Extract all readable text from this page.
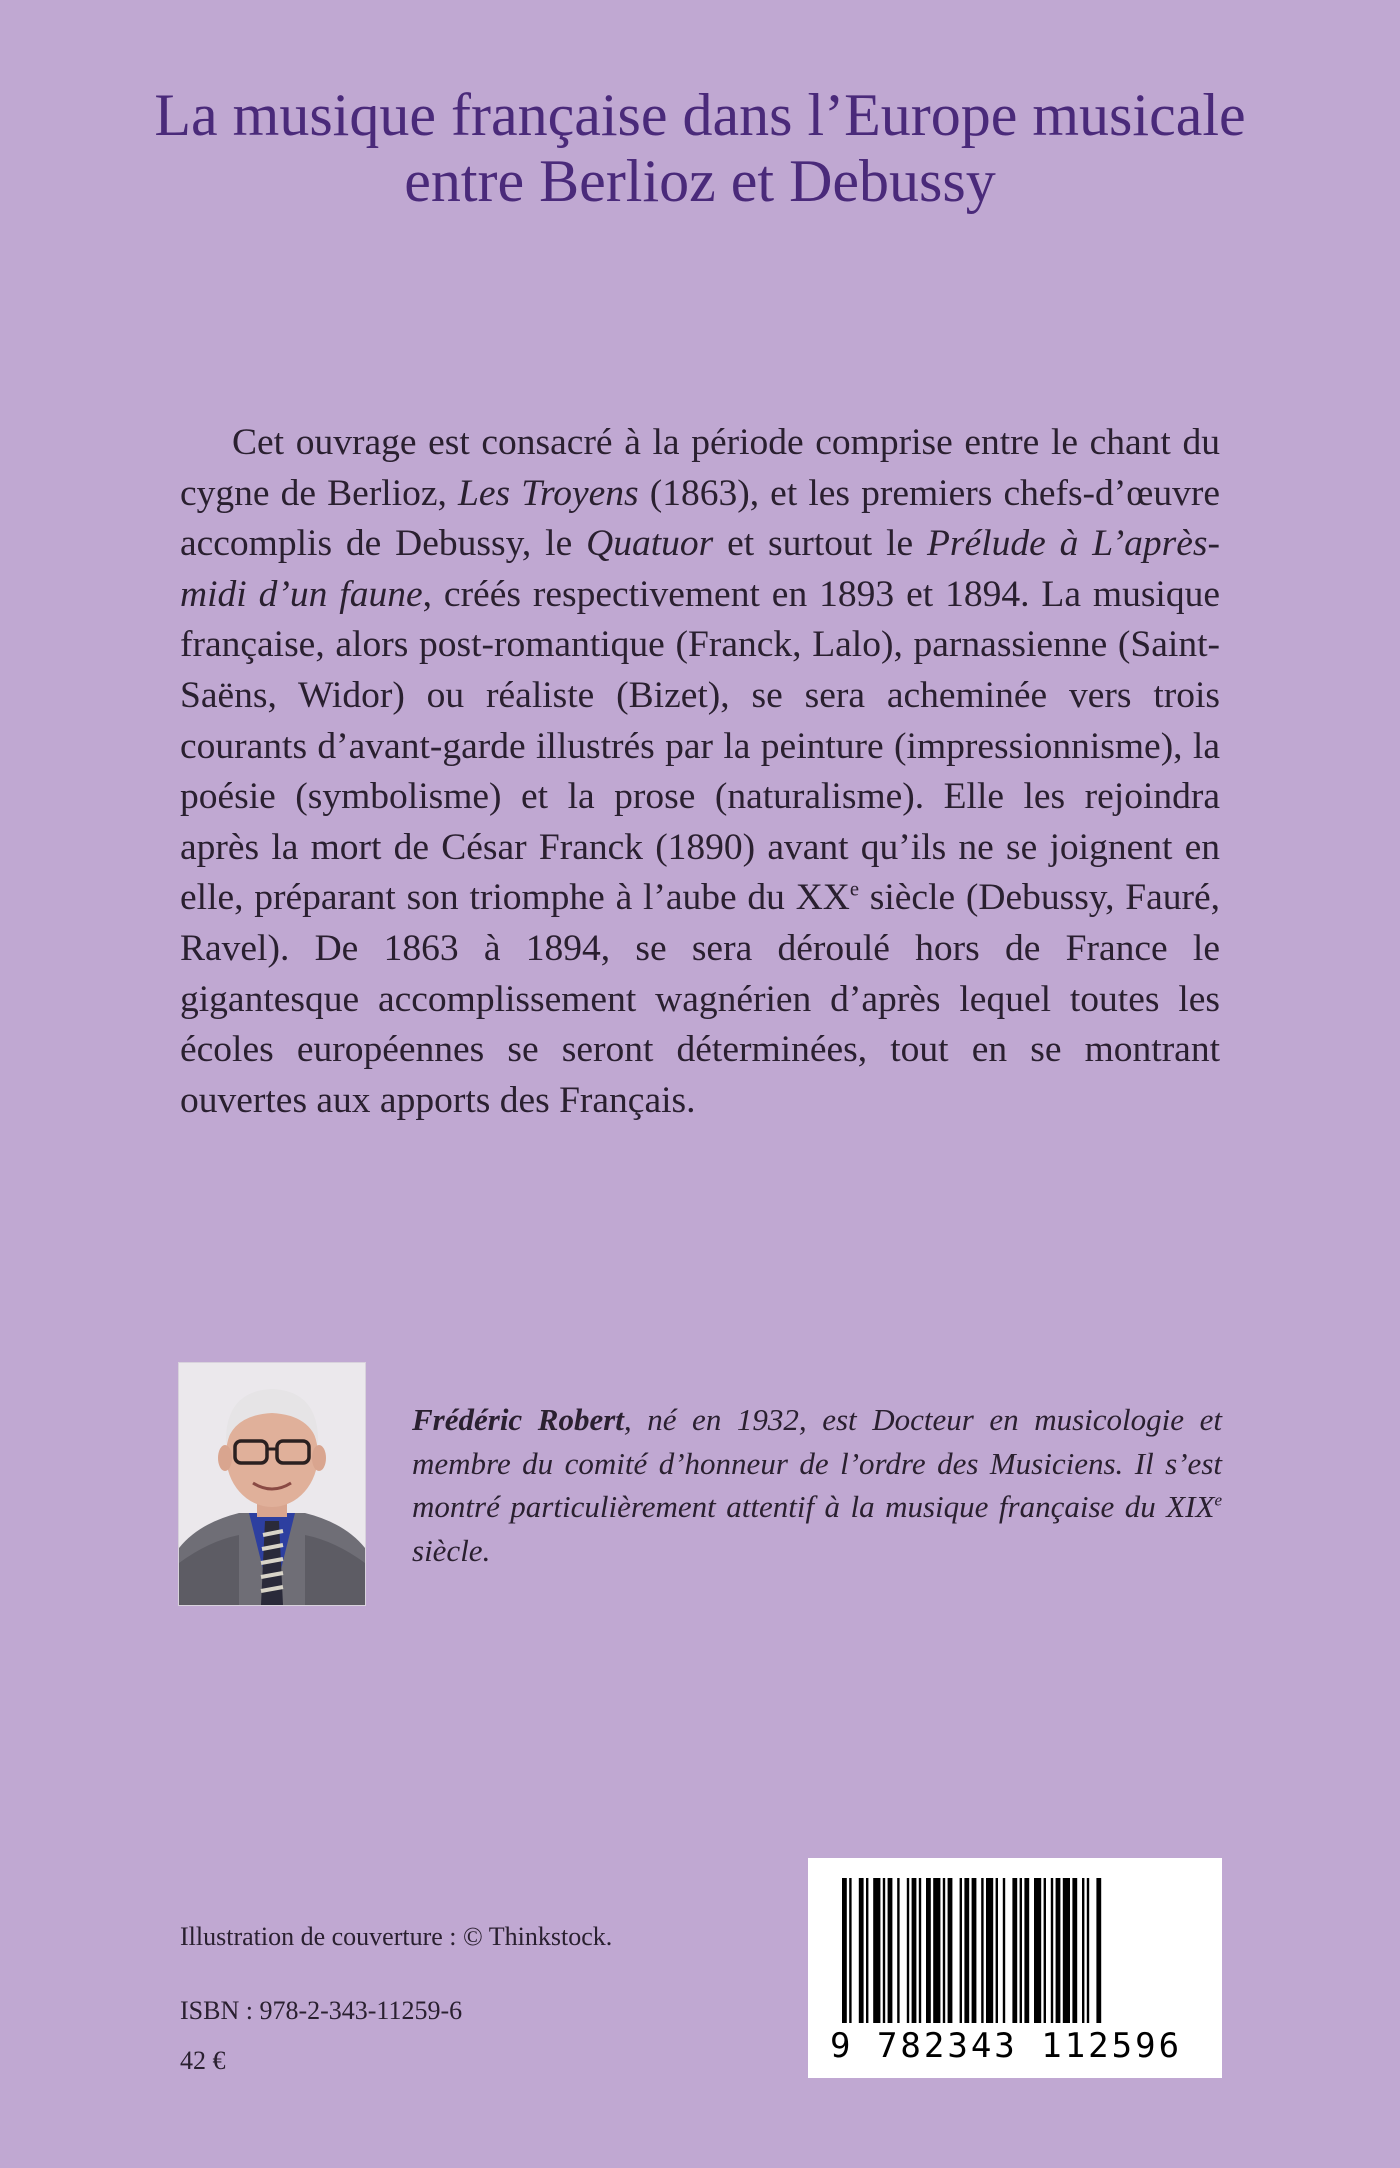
La musique française dans l’Europe musicale
entre Berlioz et Debussy

Cet ouvrage est consacré à la période comprise entre le chant du cygne de Berlioz, Les Troyens (1863), et les premiers chefs-d’œuvre accomplis de Debussy, le Quatuor et surtout le Prélude à L’après-midi d’un faune, créés respectivement en 1893 et 1894. La musique française, alors post-romantique (Franck, Lalo), parnassienne (Saint-Saëns, Widor) ou réaliste (Bizet), se sera acheminée vers trois courants d’avant-garde illustrés par la peinture (impressionnisme), la poésie (symbolisme) et la prose (naturalisme). Elle les rejoindra après la mort de César Franck (1890) avant qu’ils ne se joignent en elle, préparant son triomphe à l’aube du XXe siècle (Debussy, Fauré, Ravel). De 1863 à 1894, se sera déroulé hors de France le gigantesque accomplissement wagnérien d’après lequel toutes les écoles européennes se seront déterminées, tout en se montrant ouvertes aux apports des Français.

Frédéric Robert, né en 1932, est Docteur en musicologie et membre du comité d’honneur de l’ordre des Musiciens. Il s’est montré particulièrement attentif à la musique française du XIXe siècle.

Illustration de couverture : © Thinkstock.

ISBN : 978-2-343-11259-6

42 €	9 782343 112596
